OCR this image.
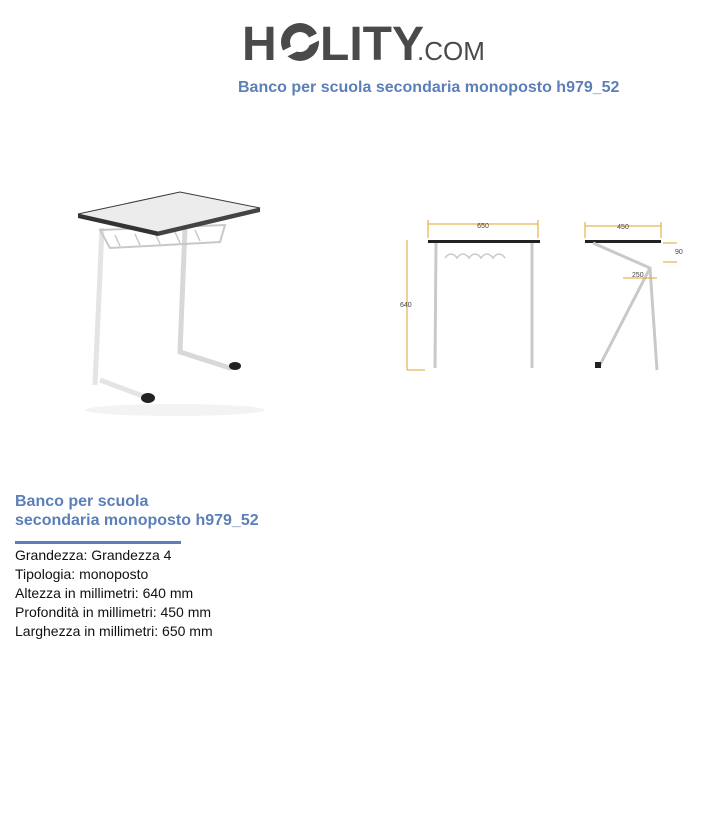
H LITY
.COM
Banco per scuola secondaria monoposto h979_52
650
640
450
90
250
Banco per scuola
secondaria monoposto h979_52
Grandezza: Grandezza 4
Tipologia: monoposto
Altezza in millimetri: 640 mm
Profondità in millimetri: 450 mm
Larghezza in millimetri: 650 mm
